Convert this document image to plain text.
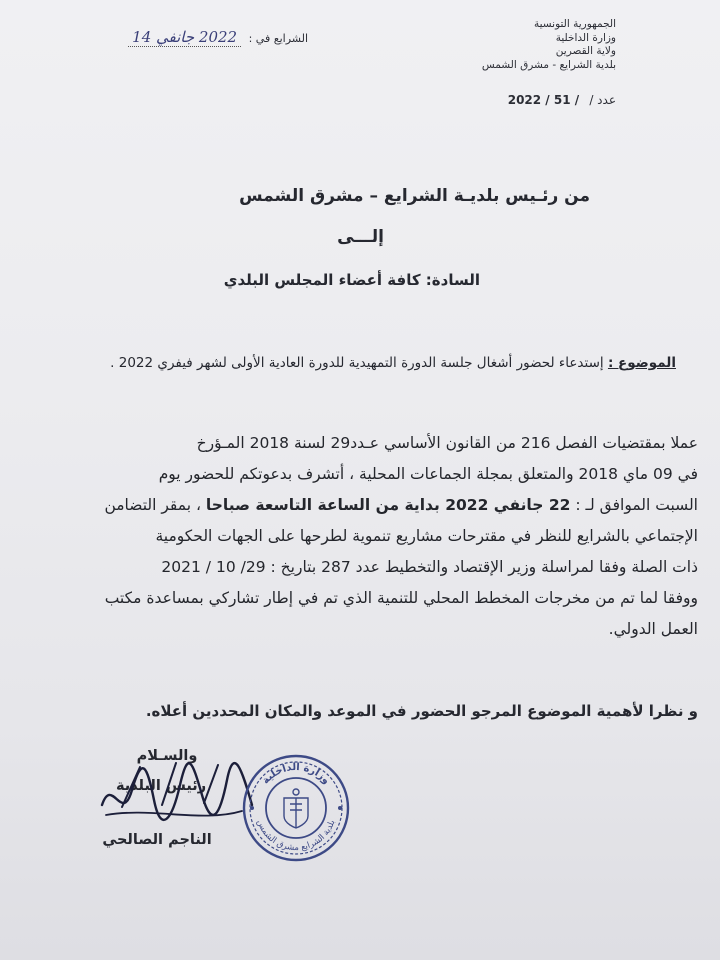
الجمهورية التونسية
وزارة الداخلية
ولاية القصرين
بلدية الشرايع - مشرق الشمس
عدد / 2022 / 51 /
الشرايع في : 2022 جانفي 14
من رئـيس بلديـة الشرايع – مشرق الشمس
إلـــى
السادة: كافة أعضاء المجلس البلدي
الموضوع : إستدعاء لحضور أشغال جلسة الدورة التمهيدية للدورة العادية الأولى لشهر فيفري 2022 .

عملا بمقتضيات الفصل 216 من القانون الأساسي عـدد29 لسنة 2018 المـؤرخ

في 09 ماي 2018 والمتعلق بمجلة الجماعات المحلية ، أتشرف بدعوتكم للحضور يوم

السبت الموافق لـ : 22 جانفي 2022 بداية من الساعة التاسعة صباحا ، بمقر التضامن

الإجتماعي بالشرايع للنظر في مقترحات مشاريع تنموية لطرحها على الجهات الحكومية

ذات الصلة وفقا لمراسلة وزير الإقتصاد والتخطيط عدد 287 بتاريخ : 29/ 10 / 2021

ووفقا لما تم من مخرجات المخطط المحلي للتنمية الذي تم في إطار تشاركي بمساعدة مكتب

العمل الدولي.

و نظرا لأهمية الموضوع المرجو الحضور في الموعد والمكان المحددين أعلاه.
والسـلام
رئيس البلدية
الناجم الصالحي
وزارة الداخلية
بلدية الشرايع مشرق الشمس
